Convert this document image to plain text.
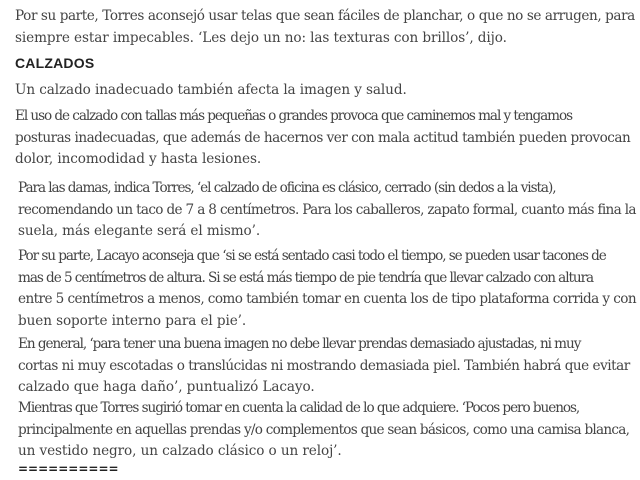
Por su parte, Torres aconsejó usar telas que sean fáciles de planchar, o que no se arrugen, para
siempre estar impecables. ‘Les dejo un no: las texturas con brillos’, dijo.

CALZADOS

Un calzado inadecuado también afecta la imagen y salud.

El uso de calzado con tallas más pequeñas o grandes provoca que caminemos mal y tengamos
posturas inadecuadas, que además de hacernos ver con mala actitud también pueden provocan
dolor, incomodidad y hasta lesiones.

Para las damas, indica Torres, ‘el calzado de oficina es clásico, cerrado (sin dedos a la vista),
recomendando un taco de 7 a 8 centímetros. Para los caballeros, zapato formal, cuanto más fina la
suela, más elegante será el mismo’.

Por su parte, Lacayo aconseja que ‘si se está sentado casi todo el tiempo, se pueden usar tacones de
mas de 5 centímetros de altura. Si se está más tiempo de pie tendría que llevar calzado con altura
entre 5 centímetros a menos, como también tomar en cuenta los de tipo plataforma corrida y con
buen soporte interno para el pie’.

En general, ‘para tener una buena imagen no debe llevar prendas demasiado ajustadas, ni muy
cortas ni muy escotadas o translúcidas ni mostrando demasiada piel. También habrá que evitar
calzado que haga daño’, puntualizó Lacayo.

Mientras que Torres sugirió tomar en cuenta la calidad de lo que adquiere. ‘Pocos pero buenos,
principalmente en aquellas prendas y/o complementos que sean básicos, como una camisa blanca,
un vestido negro, un calzado clásico o un reloj’.

==========
